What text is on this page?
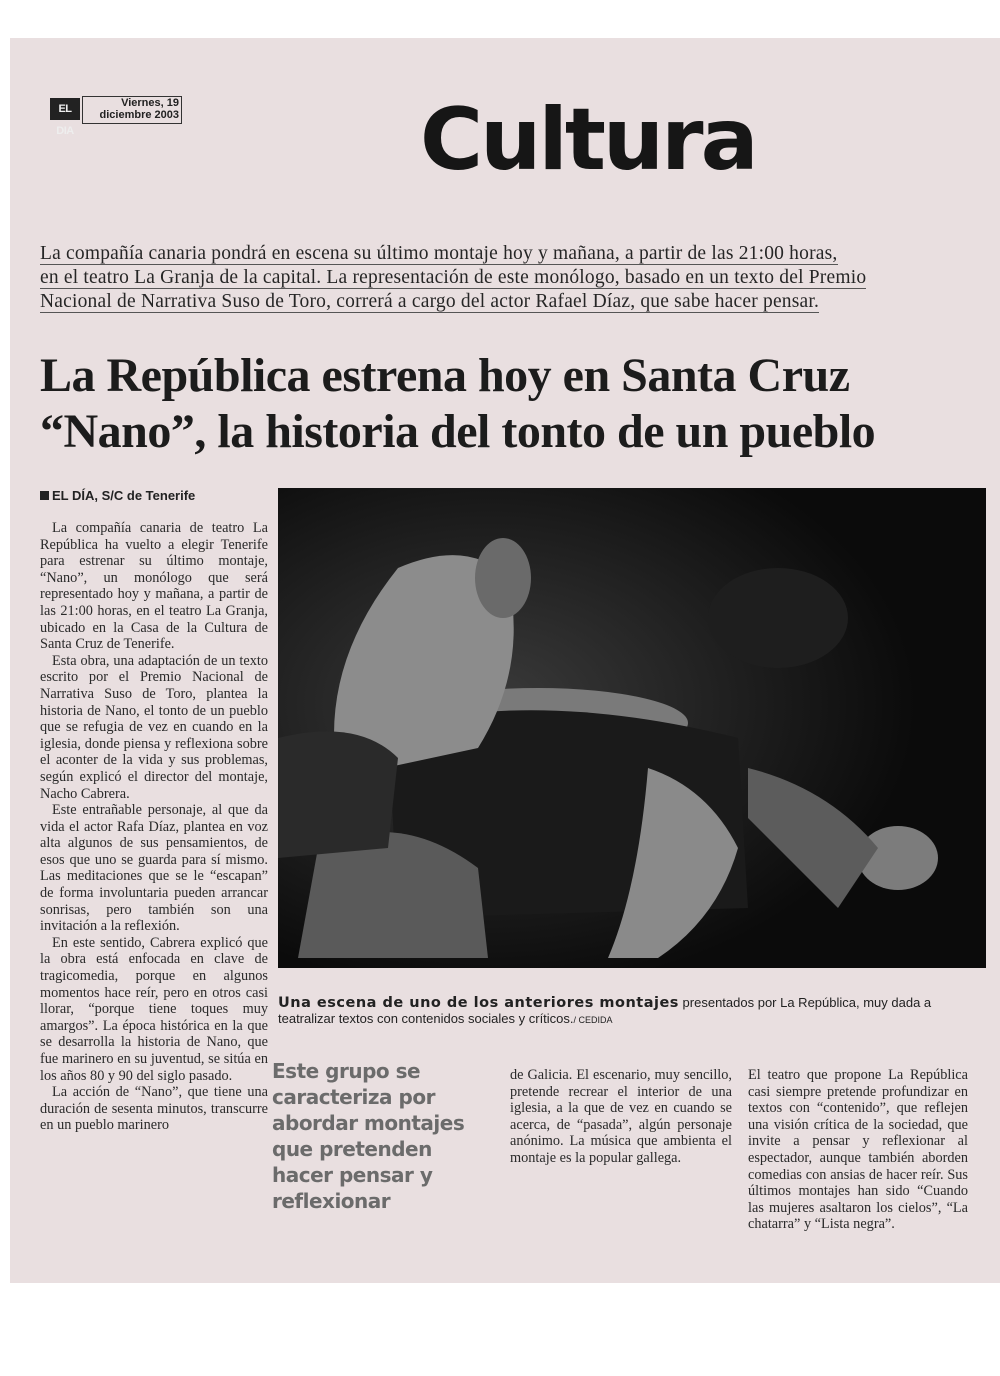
EL DIA
Viernes, 19
diciembre 2003	Cultura
La compañía canaria pondrá en escena su último montaje hoy y mañana, a partir de las 21:00 horas,
en el teatro La Granja de la capital. La representación de este monólogo, basado en un texto del Premio
Nacional de Narrativa Suso de Toro, correrá a cargo del actor Rafael Díaz, que sabe hacer pensar.
La República estrena hoy en Santa Cruz
“Nano”, la historia del tonto de un pueblo
EL DÍA, S/C de Tenerife

La compañía canaria de teatro La República ha vuelto a elegir Tenerife para estrenar su último montaje, “Nano”, un monólogo que será representado hoy y mañana, a partir de las 21:00 horas, en el teatro La Granja, ubicado en la Casa de la Cultura de Santa Cruz de Tenerife.

Esta obra, una adaptación de un texto escrito por el Premio Nacional de Narrativa Suso de Toro, plantea la historia de Nano, el tonto de un pueblo que se refugia de vez en cuando en la iglesia, donde piensa y reflexiona sobre el aconter de la vida y sus problemas, según explicó el director del montaje, Nacho Cabrera.

Este entrañable personaje, al que da vida el actor Rafa Díaz, plantea en voz alta algunos de sus pensamientos, de esos que uno se guarda para sí mismo. Las meditaciones que se le “escapan” de forma involuntaria pueden arrancar sonrisas, pero también son una invitación a la reflexión.

En este sentido, Cabrera explicó que la obra está enfocada en clave de tragicomedia, porque en algunos momentos hace reír, pero en otros casi llorar, “porque tiene toques muy amargos”. La época histórica en la que se desarrolla la historia de Nano, que fue marinero en su juventud, se sitúa en los años 80 y 90 del siglo pasado.

La acción de “Nano”, que tiene una duración de sesenta minutos, transcurre en un pueblo marinero

Una escena de uno de los anteriores montajes presentados por La República, muy dada a teatralizar textos con contenidos sociales y críticos./ CEDIDA
Este grupo se caracteriza por abordar montajes que pretenden hacer pensar y reflexionar

de Galicia. El escenario, muy sencillo, pretende recrear el interior de una iglesia, a la que de vez en cuando se acerca, de “pasada”, algún personaje anónimo. La música que ambienta el montaje es la popular gallega.

El teatro que propone La República casi siempre pretende profundizar en textos con “contenido”, que reflejen una visión crítica de la sociedad, que invite a pensar y reflexionar al espectador, aunque también aborden comedias con ansias de hacer reír. Sus últimos montajes han sido “Cuando las mujeres asaltaron los cielos”, “La chatarra” y “Lista negra”.
